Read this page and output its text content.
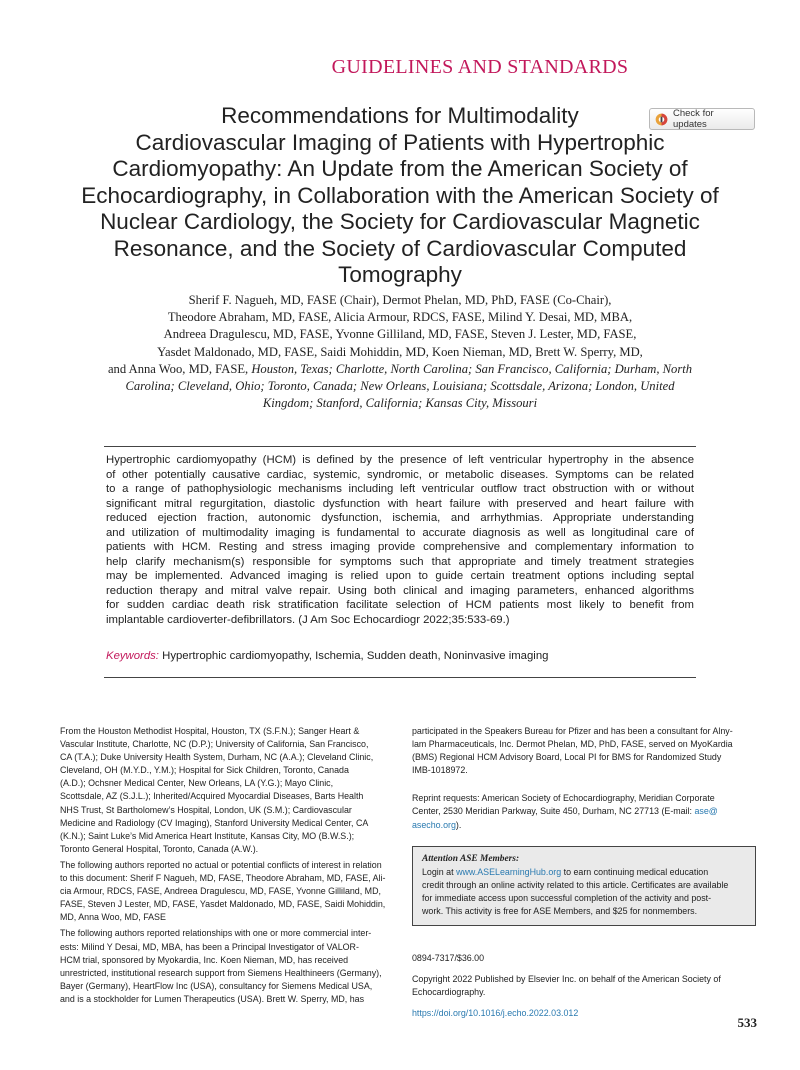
GUIDELINES AND STANDARDS
Check for updates
Recommendations for Multimodality
Cardiovascular Imaging of Patients with Hypertrophic
Cardiomyopathy: An Update from the American Society of
Echocardiography, in Collaboration with the American Society of
Nuclear Cardiology, the Society for Cardiovascular Magnetic
Resonance, and the Society of Cardiovascular Computed
Tomography
Sherif F. Nagueh, MD, FASE (Chair), Dermot Phelan, MD, PhD, FASE (Co-Chair),
Theodore Abraham, MD, FASE, Alicia Armour, RDCS, FASE, Milind Y. Desai, MD, MBA,
Andreea Dragulescu, MD, FASE, Yvonne Gilliland, MD, FASE, Steven J. Lester, MD, FASE,
Yasdet Maldonado, MD, FASE, Saidi Mohiddin, MD, Koen Nieman, MD, Brett W. Sperry, MD,
and Anna Woo, MD, FASE, Houston, Texas; Charlotte, North Carolina; San Francisco, California; Durham, North
Carolina; Cleveland, Ohio; Toronto, Canada; New Orleans, Louisiana; Scottsdale, Arizona; London, United
Kingdom; Stanford, California; Kansas City, Missouri
Hypertrophic cardiomyopathy (HCM) is defined by the presence of left ventricular hypertrophy in the absence
of other potentially causative cardiac, systemic, syndromic, or metabolic diseases. Symptoms can be related
to a range of pathophysiologic mechanisms including left ventricular outflow tract obstruction with or without
significant mitral regurgitation, diastolic dysfunction with heart failure with preserved and heart failure with
reduced ejection fraction, autonomic dysfunction, ischemia, and arrhythmias. Appropriate understanding
and utilization of multimodality imaging is fundamental to accurate diagnosis as well as longitudinal care of
patients with HCM. Resting and stress imaging provide comprehensive and complementary information to
help clarify mechanism(s) responsible for symptoms such that appropriate and timely treatment strategies
may be implemented. Advanced imaging is relied upon to guide certain treatment options including septal
reduction therapy and mitral valve repair. Using both clinical and imaging parameters, enhanced algorithms
for sudden cardiac death risk stratification facilitate selection of HCM patients most likely to benefit from
implantable cardioverter-defibrillators. (J Am Soc Echocardiogr 2022;35:533-69.)
Keywords: Hypertrophic cardiomyopathy, Ischemia, Sudden death, Noninvasive imaging
From the Houston Methodist Hospital, Houston, TX (S.F.N.); Sanger Heart &
Vascular Institute, Charlotte, NC (D.P.); University of California, San Francisco,
CA (T.A.); Duke University Health System, Durham, NC (A.A.); Cleveland Clinic,
Cleveland, OH (M.Y.D., Y.M.); Hospital for Sick Children, Toronto, Canada
(A.D.); Ochsner Medical Center, New Orleans, LA (Y.G.); Mayo Clinic,
Scottsdale, AZ (S.J.L.); Inherited/Acquired Myocardial Diseases, Barts Health
NHS Trust, St Bartholomew’s Hospital, London, UK (S.M.); Cardiovascular
Medicine and Radiology (CV Imaging), Stanford University Medical Center, CA
(K.N.); Saint Luke’s Mid America Heart Institute, Kansas City, MO (B.W.S.);
Toronto General Hospital, Toronto, Canada (A.W.).
The following authors reported no actual or potential conflicts of interest in relation
to this document: Sherif F Nagueh, MD, FASE, Theodore Abraham, MD, FASE, Ali-
cia Armour, RDCS, FASE, Andreea Dragulescu, MD, FASE, Yvonne Gilliland, MD,
FASE, Steven J Lester, MD, FASE, Yasdet Maldonado, MD, FASE, Saidi Mohiddin,
MD, Anna Woo, MD, FASE
The following authors reported relationships with one or more commercial inter-
ests: Milind Y Desai, MD, MBA, has been a Principal Investigator of VALOR-
HCM trial, sponsored by Myokardia, Inc. Koen Nieman, MD, has received
unrestricted, institutional research support from Siemens Healthineers (Germany),
Bayer (Germany), HeartFlow Inc (USA), consultancy for Siemens Medical USA,
and is a stockholder for Lumen Therapeutics (USA). Brett W. Sperry, MD, has
participated in the Speakers Bureau for Pfizer and has been a consultant for Alny-
lam Pharmaceuticals, Inc. Dermot Phelan, MD, PhD, FASE, served on MyoKardia
(BMS) Regional HCM Advisory Board, Local PI for BMS for Randomized Study
IMB-1018972.
Reprint requests: American Society of Echocardiography, Meridian Corporate
Center, 2530 Meridian Parkway, Suite 450, Durham, NC 27713 (E-mail: ase@
asecho.org).
Attention ASE Members:
Login at www.ASELearningHub.org to earn continuing medical education
credit through an online activity related to this article. Certificates are available
for immediate access upon successful completion of the activity and post-
work. This activity is free for ASE Members, and $25 for nonmembers.
0894-7317/$36.00
Copyright 2022 Published by Elsevier Inc. on behalf of the American Society of
Echocardiography.
https://doi.org/10.1016/j.echo.2022.03.012
533
